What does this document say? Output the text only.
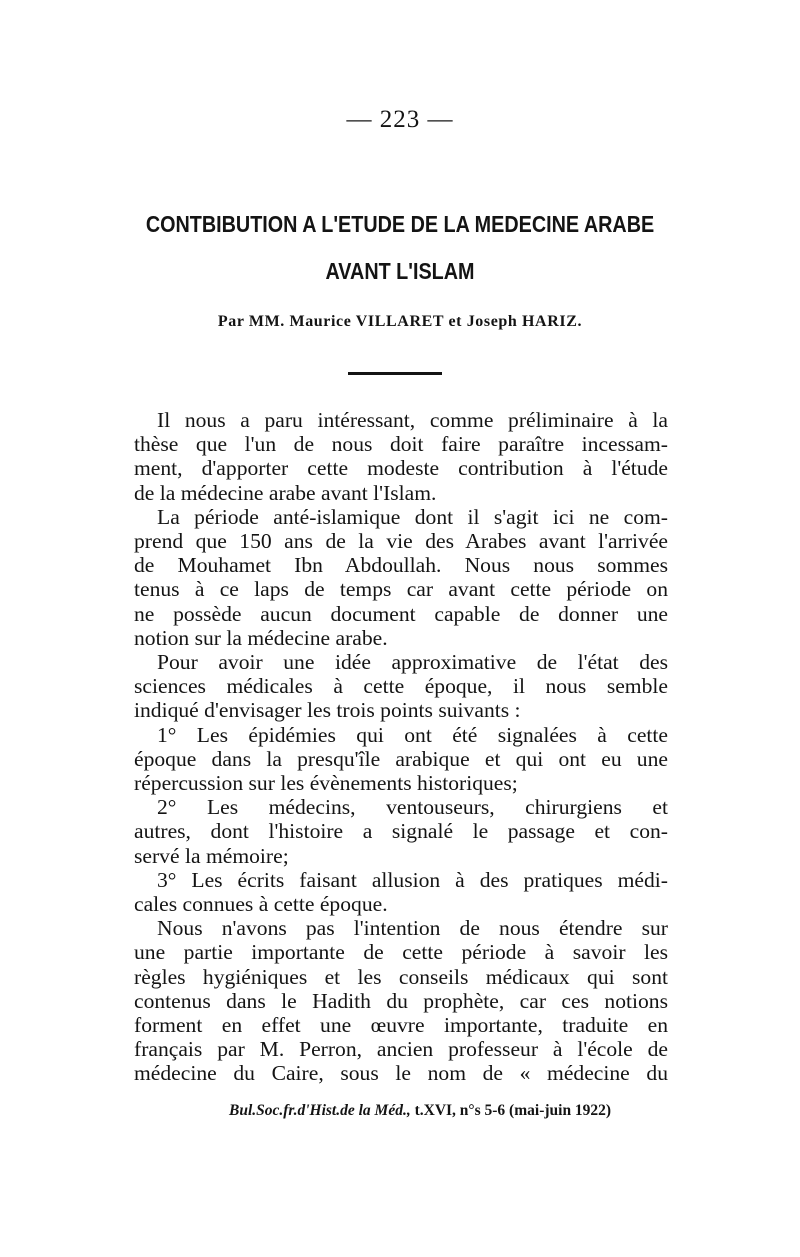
— 223 —
CONTBIBUTION A L'ETUDE DE LA MEDECINE ARABE
AVANT L'ISLAM
Par MM. Maurice VILLARET et Joseph HARIZ.
Il nous a paru intéressant, comme préliminaire à la
thèse que l'un de nous doit faire paraître incessam-
ment, d'apporter cette modeste contribution à l'étude
de la médecine arabe avant l'Islam.
La période anté-islamique dont il s'agit ici ne com-
prend que 150 ans de la vie des Arabes avant l'arrivée
de Mouhamet Ibn Abdoullah. Nous nous sommes
tenus à ce laps de temps car avant cette période on
ne possède aucun document capable de donner une
notion sur la médecine arabe.
Pour avoir une idée approximative de l'état des
sciences médicales à cette époque, il nous semble
indiqué d'envisager les trois points suivants :
1° Les épidémies qui ont été signalées à cette
époque dans la presqu'île arabique et qui ont eu une
répercussion sur les évènements historiques;
2° Les médecins, ventouseurs, chirurgiens et
autres, dont l'histoire a signalé le passage et con-
servé la mémoire;
3° Les écrits faisant allusion à des pratiques médi-
cales connues à cette époque.
Nous n'avons pas l'intention de nous étendre sur
une partie importante de cette période à savoir les
règles hygiéniques et les conseils médicaux qui sont
contenus dans le Hadith du prophète, car ces notions
forment en effet une œuvre importante, traduite en
français par M. Perron, ancien professeur à l'école de
médecine du Caire, sous le nom de « médecine du
Bul.Soc.fr.d'Hist.de la Méd., t.XVI, n°s 5-6 (mai-juin 1922)
